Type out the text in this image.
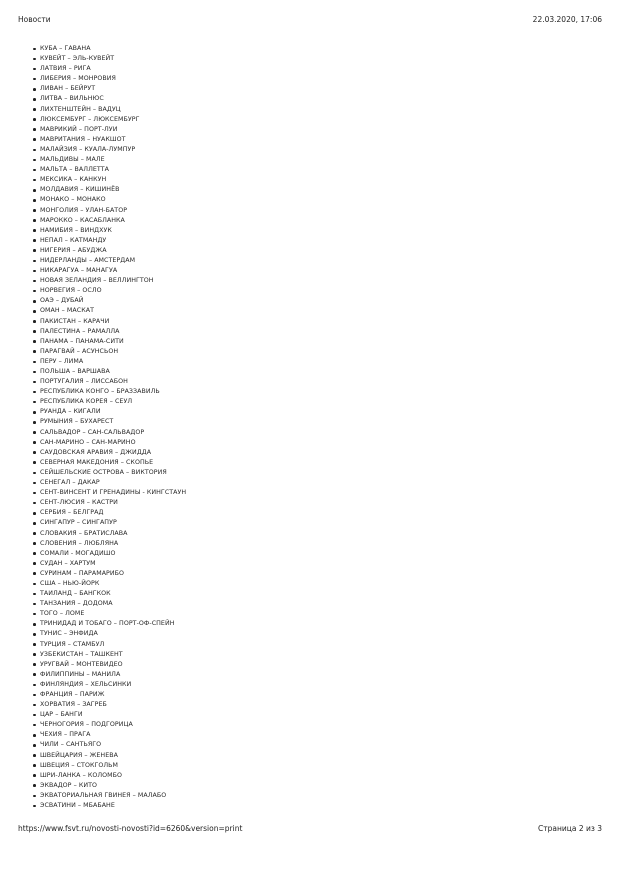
Новости	22.03.2020, 17:06
КУБА – ГАВАНА
КУВЕЙТ – ЭЛЬ-КУВЕЙТ
ЛАТВИЯ – РИГА
ЛИБЕРИЯ – МОНРОВИЯ
ЛИВАН – БЕЙРУТ
ЛИТВА – ВИЛЬНЮС
ЛИХТЕНШТЕЙН – ВАДУЦ
ЛЮКСЕМБУРГ – ЛЮКСЕМБУРГ
МАВРИКИЙ – ПОРТ-ЛУИ
МАВРИТАНИЯ – НУАКШОТ
МАЛАЙЗИЯ – КУАЛА-ЛУМПУР
МАЛЬДИВЫ – МАЛЕ
МАЛЬТА – ВАЛЛЕТТА
МЕКСИКА – КАНКУН
МОЛДАВИЯ – КИШИНЁВ
МОНАКО – МОНАКО
МОНГОЛИЯ – УЛАН-БАТОР
МАРОККО – КАСАБЛАНКА
НАМИБИЯ – ВИНДХУК
НЕПАЛ – КАТМАНДУ
НИГЕРИЯ – АБУДЖА
НИДЕРЛАНДЫ – АМСТЕРДАМ
НИКАРАГУА – МАНАГУА
НОВАЯ ЗЕЛАНДИЯ – ВЕЛЛИНГТОН
НОРВЕГИЯ – ОСЛО
ОАЭ – ДУБАЙ
ОМАН – МАСКАТ
ПАКИСТАН – КАРАЧИ
ПАЛЕСТИНА – РАМАЛЛА
ПАНАМА – ПАНАМА-СИТИ
ПАРАГВАЙ – АСУНСЬОН
ПЕРУ – ЛИМА
ПОЛЬША – ВАРШАВА
ПОРТУГАЛИЯ – ЛИССАБОН
РЕСПУБЛИКА КОНГО – БРАЗЗАВИЛЬ
РЕСПУБЛИКА КОРЕЯ – СЕУЛ
РУАНДА – КИГАЛИ
РУМЫНИЯ – БУХАРЕСТ
САЛЬВАДОР – САН-САЛЬВАДОР
САН-МАРИНО – САН-МАРИНО
САУДОВСКАЯ АРАВИЯ – ДЖИДДА
СЕВЕРНАЯ МАКЕДОНИЯ – СКОПЬЕ
СЕЙШЕЛЬСКИЕ ОСТРОВА – ВИКТОРИЯ
СЕНЕГАЛ – ДАКАР
СЕНТ-ВИНСЕНТ И ГРЕНАДИНЫ - КИНГСТАУН
СЕНТ-ЛЮСИЯ – КАСТРИ
СЕРБИЯ – БЕЛГРАД
СИНГАПУР – СИНГАПУР
СЛОВАКИЯ – БРАТИСЛАВА
СЛОВЕНИЯ – ЛЮБЛЯНА
СОМАЛИ - МОГАДИШО
СУДАН – ХАРТУМ
СУРИНАМ – ПАРАМАРИБО
США – НЬЮ-ЙОРК
ТАИЛАНД – БАНГКОК
ТАНЗАНИЯ – ДОДОМА
ТОГО – ЛОМЕ
ТРИНИДАД И ТОБАГО – ПОРТ-ОФ-СПЕЙН
ТУНИС – ЭНФИДА
ТУРЦИЯ – СТАМБУЛ
УЗБЕКИСТАН – ТАШКЕНТ
УРУГВАЙ – МОНТЕВИДЕО
ФИЛИППИНЫ – МАНИЛА
ФИНЛЯНДИЯ – ХЕЛЬСИНКИ
ФРАНЦИЯ – ПАРИЖ
ХОРВАТИЯ – ЗАГРЕБ
ЦАР – БАНГИ
ЧЕРНОГОРИЯ – ПОДГОРИЦА
ЧЕХИЯ – ПРАГА
ЧИЛИ – САНТЬЯГО
ШВЕЙЦАРИЯ – ЖЕНЕВА
ШВЕЦИЯ – СТОКГОЛЬМ
ШРИ-ЛАНКА – КОЛОМБО
ЭКВАДОР – КИТО
ЭКВАТОРИАЛЬНАЯ ГВИНЕЯ – МАЛАБО
ЭСВАТИНИ – МБАБАНЕ
https://www.fsvt.ru/novosti-novosti?id=6260&version=print	Страница 2 из 3
